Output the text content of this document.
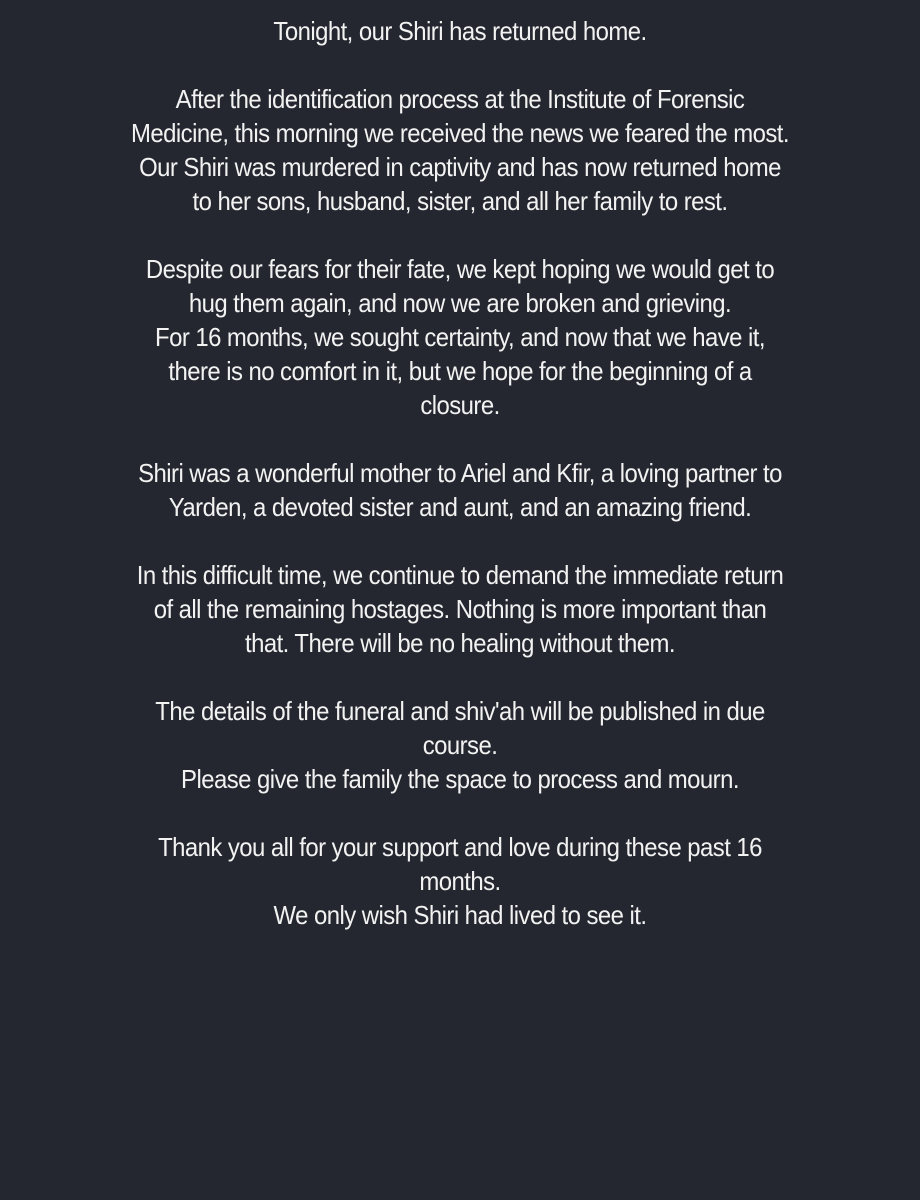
Tonight, our Shiri has returned home.

After the identification process at the Institute of Forensic
Medicine, this morning we received the news we feared the most.
Our Shiri was murdered in captivity and has now returned home
to her sons, husband, sister, and all her family to rest.

Despite our fears for their fate, we kept hoping we would get to
hug them again, and now we are broken and grieving.
For 16 months, we sought certainty, and now that we have it,
there is no comfort in it, but we hope for the beginning of a
closure.

Shiri was a wonderful mother to Ariel and Kfir, a loving partner to
Yarden, a devoted sister and aunt, and an amazing friend.

In this difficult time, we continue to demand the immediate return
of all the remaining hostages. Nothing is more important than
that. There will be no healing without them.

The details of the funeral and shiv'ah will be published in due
course.
Please give the family the space to process and mourn.

Thank you all for your support and love during these past 16
months.
We only wish Shiri had lived to see it.
